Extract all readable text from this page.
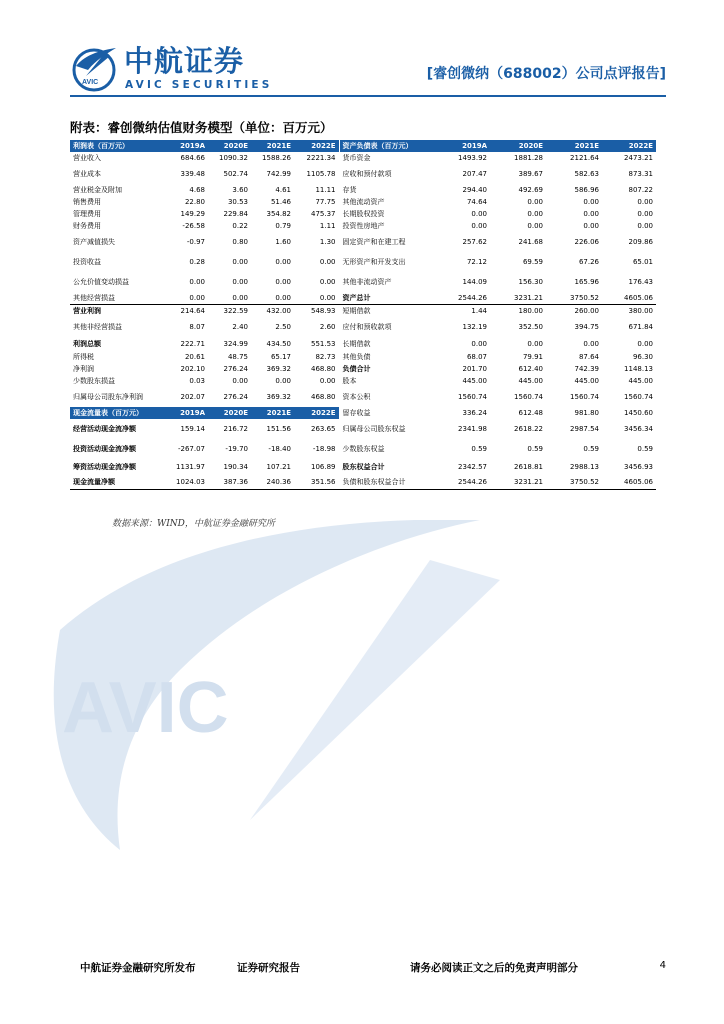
AVIC
AVIC
中航证券
AVIC SECURITIES
[睿创微纳（688002）公司点评报告]
附表：睿创微纳估值财务模型（单位：百万元）
利润表（百万元）	2019A	2020E	2021E	2022E	资产负债表（百万元）	2019A	2020E	2021E	2022E
营业收入	684.66	1090.32	1588.26	2221.34	货币资金	1493.92	1881.28	2121.64	2473.21
营业成本	339.48	502.74	742.99	1105.78	应收和预付款项	207.47	389.67	582.63	873.31
营业税金及附加	4.68	3.60	4.61	11.11	存货	294.40	492.69	586.96	807.22
销售费用	22.80	30.53	51.46	77.75	其他流动资产	74.64	0.00	0.00	0.00
管理费用	149.29	229.84	354.82	475.37	长期股权投资	0.00	0.00	0.00	0.00
财务费用	-26.58	0.22	0.79	1.11	投资性房地产	0.00	0.00	0.00	0.00
资产减值损失	-0.97	0.80	1.60	1.30	固定资产和在建工程	257.62	241.68	226.06	209.86
投资收益	0.28	0.00	0.00	0.00	无形资产和开发支出	72.12	69.59	67.26	65.01
公允价值变动损益	0.00	0.00	0.00	0.00	其他非流动资产	144.09	156.30	165.96	176.43
其他经营损益	0.00	0.00	0.00	0.00	资产总计	2544.26	3231.21	3750.52	4605.06
营业利润	214.64	322.59	432.00	548.93	短期借款	1.44	180.00	260.00	380.00
其他非经营损益	8.07	2.40	2.50	2.60	应付和预收款项	132.19	352.50	394.75	671.84
利润总额	222.71	324.99	434.50	551.53	长期借款	0.00	0.00	0.00	0.00
所得税	20.61	48.75	65.17	82.73	其他负债	68.07	79.91	87.64	96.30
净利润	202.10	276.24	369.32	468.80	负债合计	201.70	612.40	742.39	1148.13
少数股东损益	0.03	0.00	0.00	0.00	股本	445.00	445.00	445.00	445.00
归属母公司股东净利润	202.07	276.24	369.32	468.80	资本公积	1560.74	1560.74	1560.74	1560.74
现金流量表（百万元）	2019A	2020E	2021E	2022E	留存收益	336.24	612.48	981.80	1450.60
经营活动现金流净额	159.14	216.72	151.56	263.65	归属母公司股东权益	2341.98	2618.22	2987.54	3456.34
投资活动现金流净额	-267.07	-19.70	-18.40	-18.98	少数股东权益	0.59	0.59	0.59	0.59
筹资活动现金流净额	1131.97	190.34	107.21	106.89	股东权益合计	2342.57	2618.81	2988.13	3456.93
现金流量净额	1024.03	387.36	240.36	351.56	负债和股东权益合计	2544.26	3231.21	3750.52	4605.06
数据来源：WIND，中航证券金融研究所
中航证券金融研究所发布	证券研究报告	请务必阅读正文之后的免责声明部分	4
